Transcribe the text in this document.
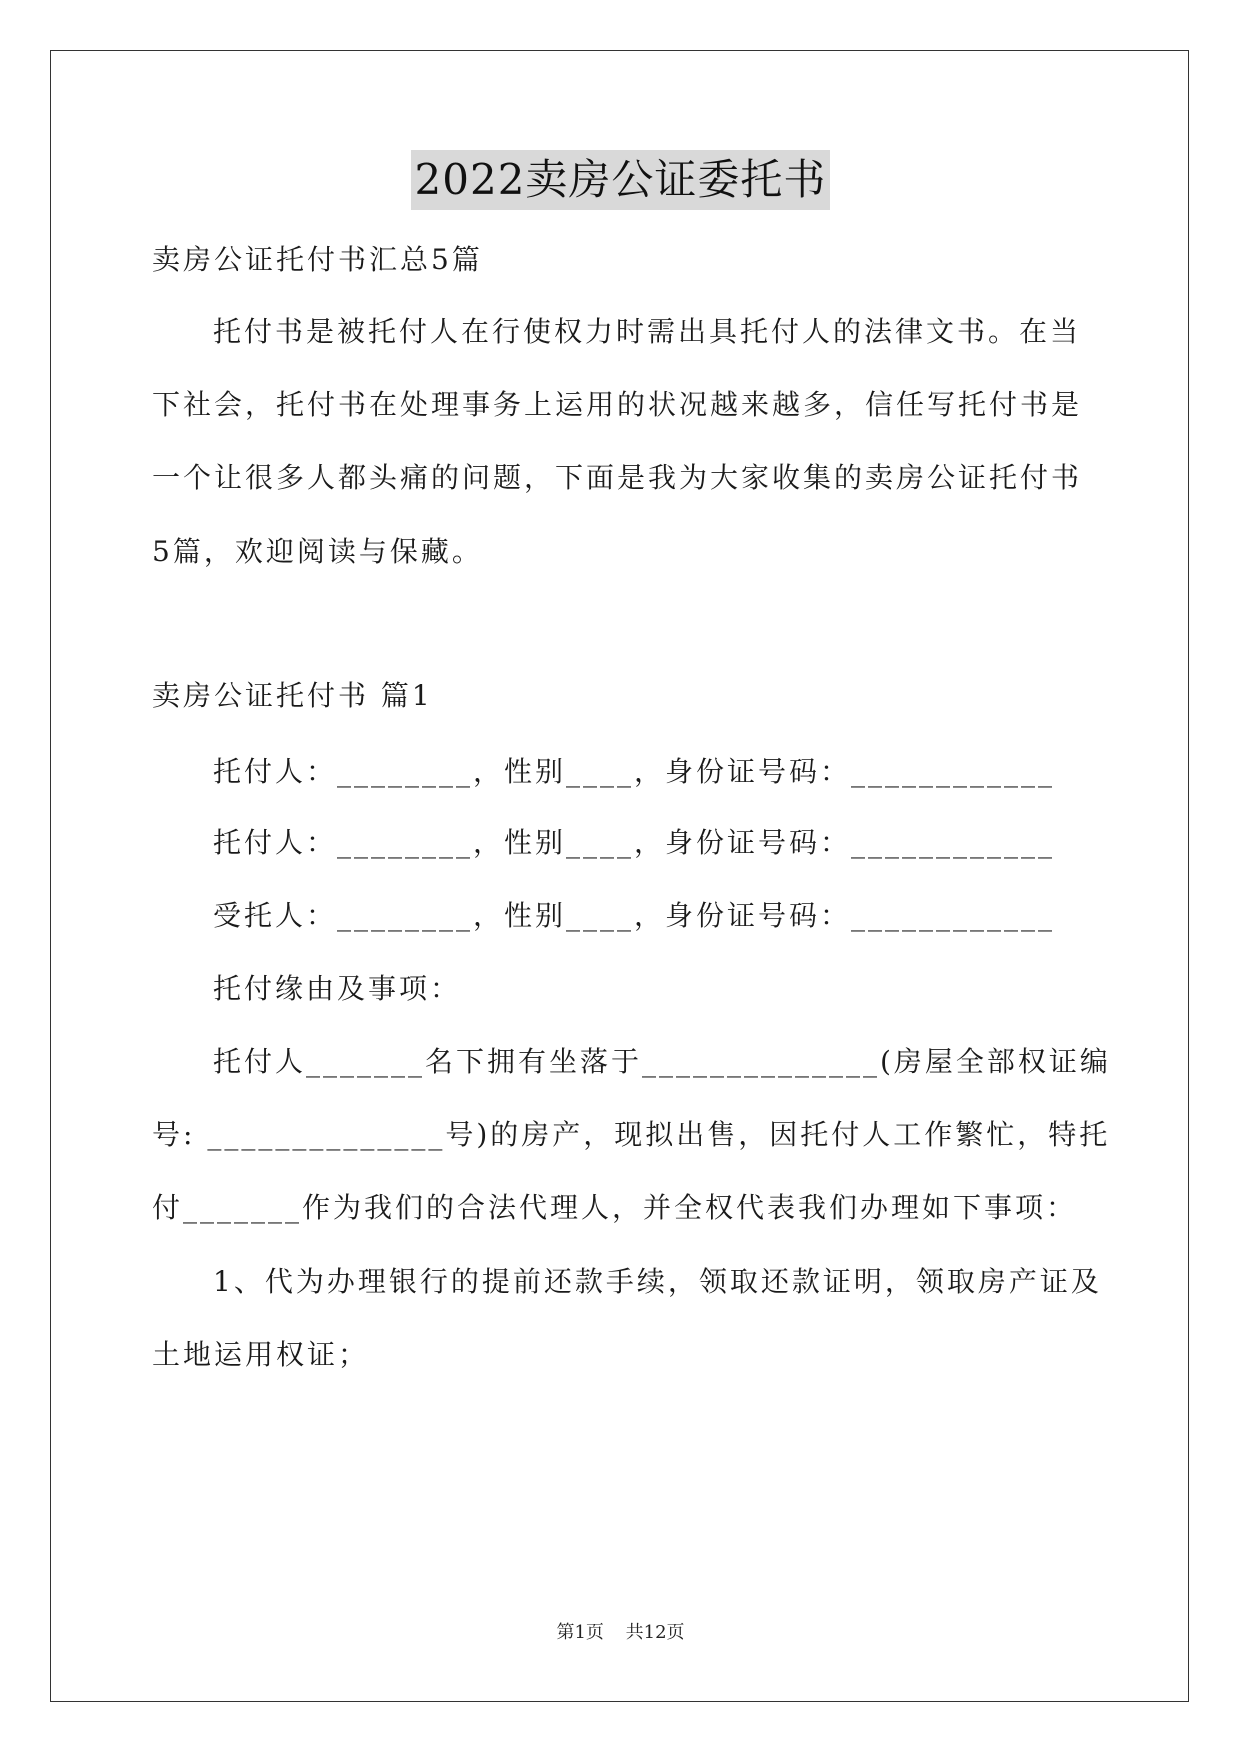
2022卖房公证委托书
卖房公证托付书汇总5篇
托付书是被托付人在行使权力时需出具托付人的法律文书。在当
下社会，托付书在处理事务上运用的状况越来越多，信任写托付书是
一个让很多人都头痛的问题，下面是我为大家收集的卖房公证托付书
5篇，欢迎阅读与保藏。
卖房公证托付书 篇1
托付人：________，性别____，身份证号码：____________
托付人：________，性别____，身份证号码：____________
受托人：________，性别____，身份证号码：____________
托付缘由及事项：
托付人_______名下拥有坐落于______________(房屋全部权证编
号: ______________号)的房产，现拟出售，因托付人工作繁忙，特托
付_______作为我们的合法代理人，并全权代表我们办理如下事项：
1、代为办理银行的提前还款手续，领取还款证明，领取房产证及
土地运用权证；
第1页 共12页
